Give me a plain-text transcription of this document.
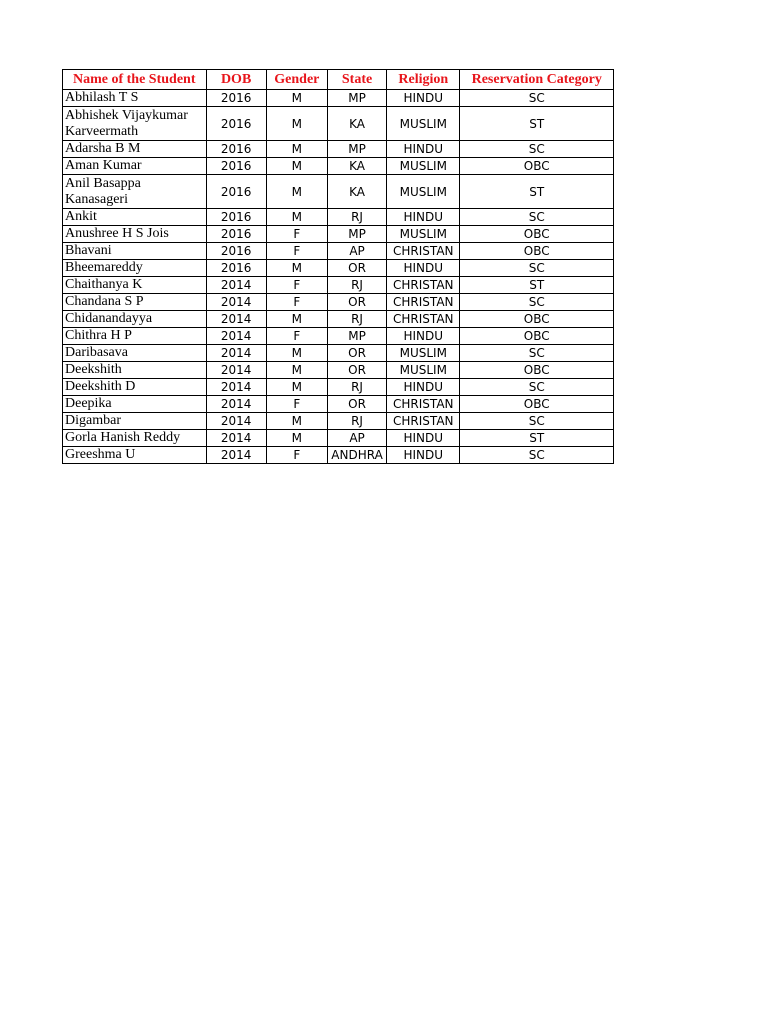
Name of the Student	DOB	Gender	State	Religion	Reservation Category
Abhilash T S	2016	M	MP	HINDU	SC
Abhishek Vijaykumar Karveermath	2016	M	KA	MUSLIM	ST
Adarsha B M	2016	M	MP	HINDU	SC
Aman Kumar	2016	M	KA	MUSLIM	OBC
Anil Basappa Kanasageri	2016	M	KA	MUSLIM	ST
Ankit	2016	M	RJ	HINDU	SC
Anushree H S Jois	2016	F	MP	MUSLIM	OBC
Bhavani	2016	F	AP	CHRISTAN	OBC
Bheemareddy	2016	M	OR	HINDU	SC
Chaithanya K	2014	F	RJ	CHRISTAN	ST
Chandana S P	2014	F	OR	CHRISTAN	SC
Chidanandayya	2014	M	RJ	CHRISTAN	OBC
Chithra H P	2014	F	MP	HINDU	OBC
Daribasava	2014	M	OR	MUSLIM	SC
Deekshith	2014	M	OR	MUSLIM	OBC
Deekshith D	2014	M	RJ	HINDU	SC
Deepika	2014	F	OR	CHRISTAN	OBC
Digambar	2014	M	RJ	CHRISTAN	SC
Gorla Hanish Reddy	2014	M	AP	HINDU	ST
Greeshma U	2014	F	ANDHRA	HINDU	SC
